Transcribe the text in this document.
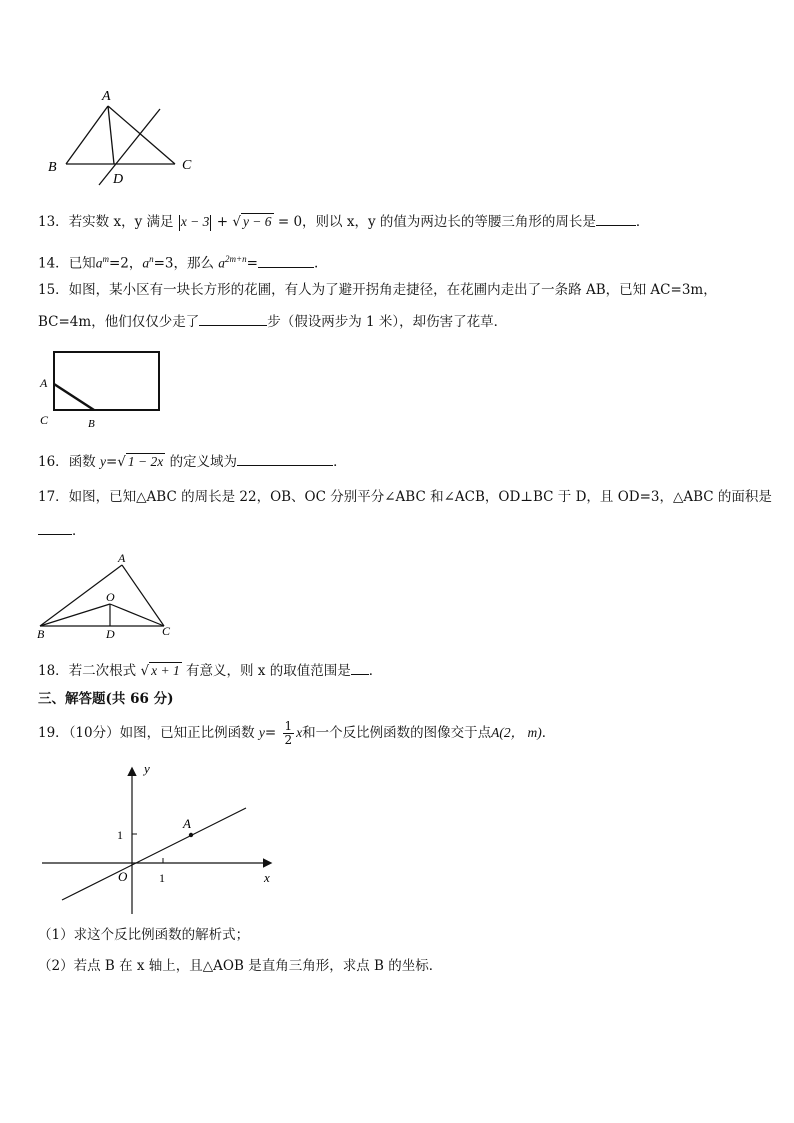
A
B	C
D
13．若实数 x，y 满足 x − 3 + √ y − 6 = 0，则以 x，y 的值为两边长的等腰三角形的周长是	．
14．已知$a^m=2$，$a^n=3$，那么 $a^{2m+n}=$	.
15．如图，某小区有一块长方形的花圃，有人为了避开拐角走捷径，在花圃内走出了一条路 AB，已知 AC=3m，
BC=4m，他们仅仅少走了	步（假设两步为 1 米），却伤害了花草．
A
C	B
16．函数 y=√ 1 − 2x 的定义域为	．
17．如图，已知△ABC 的周长是 22，OB、OC 分别平分∠ABC 和∠ACB，OD⊥BC 于 D，且 OD=3，△ABC 的面积是
．
A
O
B	D	C
18．若二次根式 √ x + 1 有意义，则 x 的取值范围是 ．
三、解答题(共 66 分)
19．（10分）如图，已知正比例函数 $y= \frac{1}{2}$ x和一个反比例函数的图像交于点A(2， m)．
y
x
O	1
1
A
（1）求这个反比例函数的解析式；
（2）若点 B 在 x 轴上，且△AOB 是直角三角形，求点 B 的坐标．
